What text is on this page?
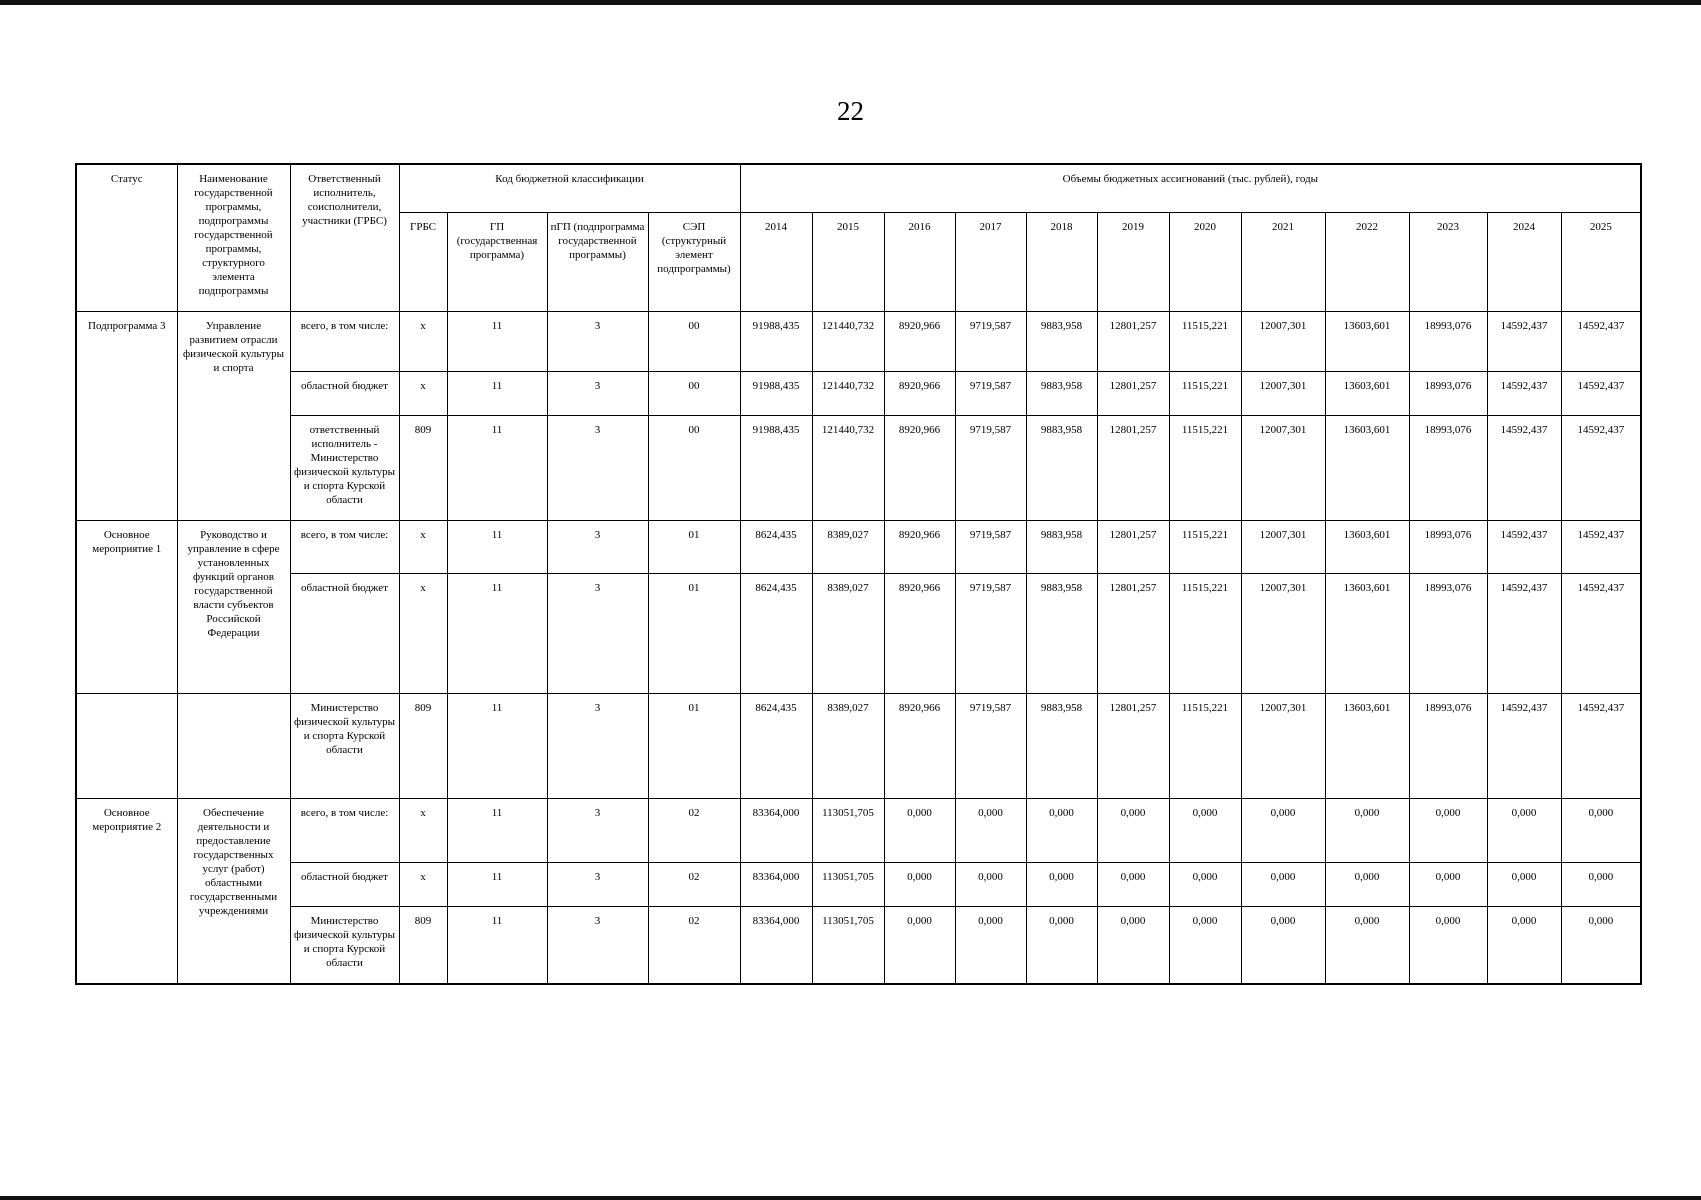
22
Статус	Наименование государственной программы, подпрограммы государственной программы, структурного элемента подпрограммы	Ответственный исполнитель, соисполнители, участники (ГРБС)	Код бюджетной классификации				Объемы бюджетных ассигнований (тыс. рублей), годы											
			ГРБС	ГП (государственная программа)	пГП (подпрограмма государственной программы)	СЭП (структурный элемент подпрограммы)	2014	2015	2016	2017	2018	2019	2020	2021	2022	2023	2024	2025
Подпрограмма 3	Управление развитием отрасли физической культуры и спорта	всего, в том числе:	х	11	3	00	91988,435	121440,732	8920,966	9719,587	9883,958	12801,257	11515,221	12007,301	13603,601	18993,076	14592,437	14592,437
		областной бюджет	х	11	3	00	91988,435	121440,732	8920,966	9719,587	9883,958	12801,257	11515,221	12007,301	13603,601	18993,076	14592,437	14592,437
		ответственный исполнитель - Министерство физической культуры и спорта Курской области	809	11	3	00	91988,435	121440,732	8920,966	9719,587	9883,958	12801,257	11515,221	12007,301	13603,601	18993,076	14592,437	14592,437
Основное мероприятие 1	Руководство и управление в сфере установленных функций органов государственной власти субъектов Российской Федерации	всего, в том числе:	х	11	3	01	8624,435	8389,027	8920,966	9719,587	9883,958	12801,257	11515,221	12007,301	13603,601	18993,076	14592,437	14592,437
		областной бюджет	х	11	3	01	8624,435	8389,027	8920,966	9719,587	9883,958	12801,257	11515,221	12007,301	13603,601	18993,076	14592,437	14592,437
		Министерство физической культуры и спорта Курской области	809	11	3	01	8624,435	8389,027	8920,966	9719,587	9883,958	12801,257	11515,221	12007,301	13603,601	18993,076	14592,437	14592,437
Основное мероприятие 2	Обеспечение деятельности и предоставление государственных услуг (работ) областными государственными учреждениями	всего, в том числе:	х	11	3	02	83364,000	113051,705	0,000	0,000	0,000	0,000	0,000	0,000	0,000	0,000	0,000	0,000
		областной бюджет	х	11	3	02	83364,000	113051,705	0,000	0,000	0,000	0,000	0,000	0,000	0,000	0,000	0,000	0,000
		Министерство физической культуры и спорта Курской области	809	11	3	02	83364,000	113051,705	0,000	0,000	0,000	0,000	0,000	0,000	0,000	0,000	0,000	0,000
